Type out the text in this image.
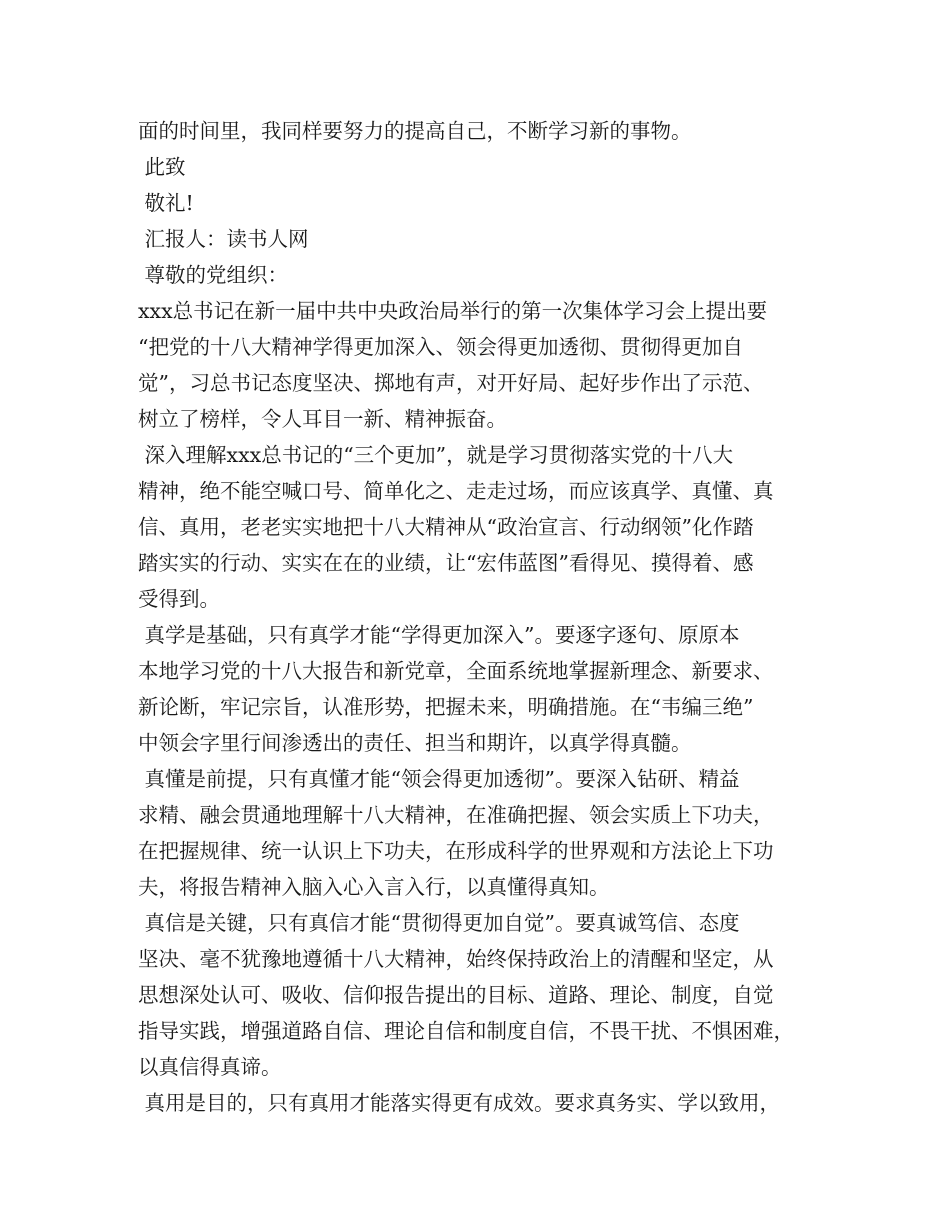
面的时间里，我同样要努力的提高自己，不断学习新的事物。
此致
敬礼!
汇报人：读书人网
尊敬的党组织：
xxx总书记在新一届中共中央政治局举行的第一次集体学习会上提出要
“把党的十八大精神学得更加深入、领会得更加透彻、贯彻得更加自
觉”，习总书记态度坚决、掷地有声，对开好局、起好步作出了示范、
树立了榜样，令人耳目一新、精神振奋。
深入理解xxx总书记的“三个更加”，就是学习贯彻落实党的十八大
精神，绝不能空喊口号、简单化之、走走过场，而应该真学、真懂、真
信、真用，老老实实地把十八大精神从“政治宣言、行动纲领”化作踏
踏实实的行动、实实在在的业绩，让“宏伟蓝图”看得见、摸得着、感
受得到。
真学是基础，只有真学才能“学得更加深入”。要逐字逐句、原原本
本地学习党的十八大报告和新党章，全面系统地掌握新理念、新要求、
新论断，牢记宗旨，认准形势，把握未来，明确措施。在“韦编三绝”
中领会字里行间渗透出的责任、担当和期许，以真学得真髓。
真懂是前提，只有真懂才能“领会得更加透彻”。要深入钻研、精益
求精、融会贯通地理解十八大精神，在准确把握、领会实质上下功夫，
在把握规律、统一认识上下功夫，在形成科学的世界观和方法论上下功
夫，将报告精神入脑入心入言入行，以真懂得真知。
真信是关键，只有真信才能“贯彻得更加自觉”。要真诚笃信、态度
坚决、毫不犹豫地遵循十八大精神，始终保持政治上的清醒和坚定，从
思想深处认可、吸收、信仰报告提出的目标、道路、理论、制度，自觉
指导实践，增强道路自信、理论自信和制度自信，不畏干扰、不惧困难，
以真信得真谛。
真用是目的，只有真用才能落实得更有成效。要求真务实、学以致用，
